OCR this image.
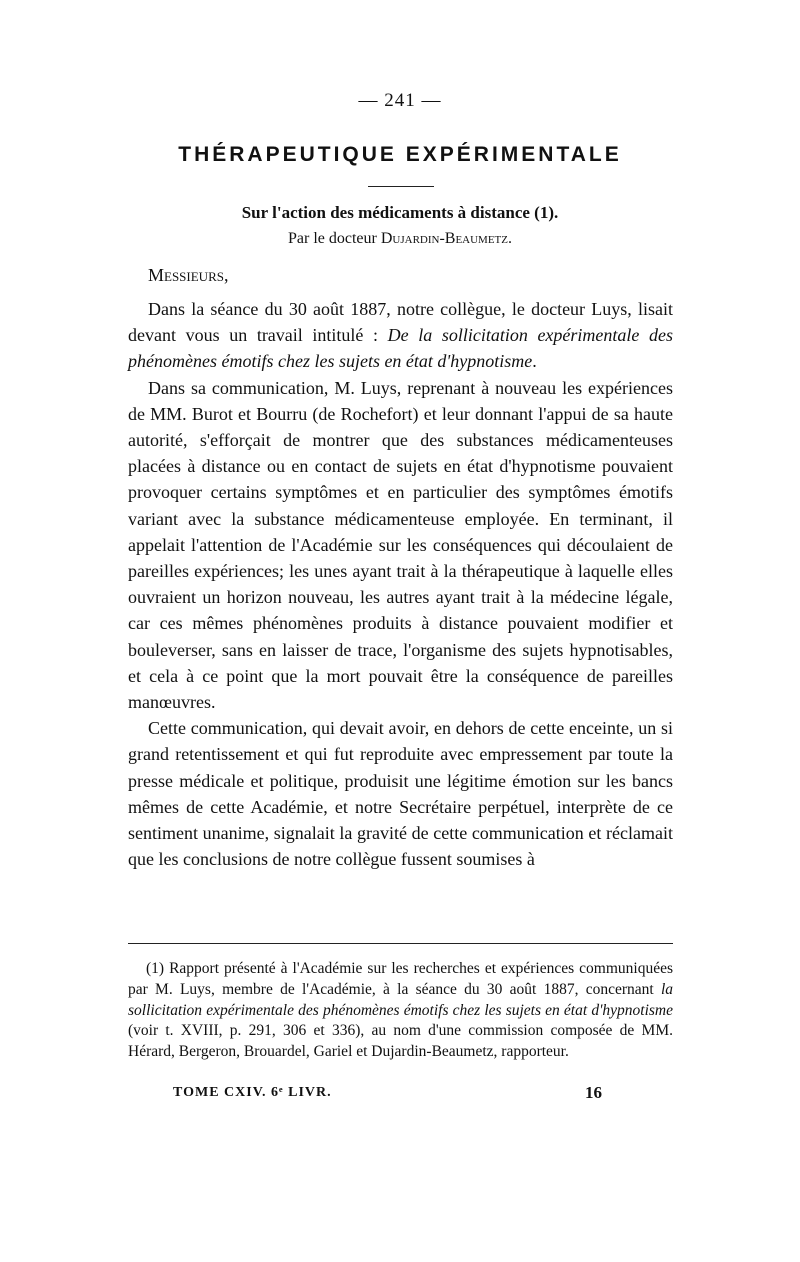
— 241 —
THÉRAPEUTIQUE EXPÉRIMENTALE
Sur l'action des médicaments à distance (1).
Par le docteur Dujardin-Beaumetz.
Messieurs,

Dans la séance du 30 août 1887, notre collègue, le docteur Luys, lisait devant vous un travail intitulé : De la sollicitation expérimentale des phénomènes émotifs chez les sujets en état d'hypnotisme.

Dans sa communication, M. Luys, reprenant à nouveau les expériences de MM. Burot et Bourru (de Rochefort) et leur donnant l'appui de sa haute autorité, s'efforçait de montrer que des substances médicamenteuses placées à distance ou en contact de sujets en état d'hypnotisme pouvaient provoquer certains symptômes et en particulier des symptômes émotifs variant avec la substance médicamenteuse employée. En terminant, il appelait l'attention de l'Académie sur les conséquences qui découlaient de pareilles expériences; les unes ayant trait à la thérapeutique à laquelle elles ouvraient un horizon nouveau, les autres ayant trait à la médecine légale, car ces mêmes phénomènes produits à distance pouvaient modifier et bouleverser, sans en laisser de trace, l'organisme des sujets hypnotisables, et cela à ce point que la mort pouvait être la conséquence de pareilles manœuvres.

Cette communication, qui devait avoir, en dehors de cette enceinte, un si grand retentissement et qui fut reproduite avec empressement par toute la presse médicale et politique, produisit une légitime émotion sur les bancs mêmes de cette Académie, et notre Secrétaire perpétuel, interprète de ce sentiment unanime, signalait la gravité de cette communication et réclamait que les conclusions de notre collègue fussent soumises à

(1) Rapport présenté à l'Académie sur les recherches et expériences communiquées par M. Luys, membre de l'Académie, à la séance du 30 août 1887, concernant la sollicitation expérimentale des phénomènes émotifs chez les sujets en état d'hypnotisme (voir t. XVIII, p. 291, 306 et 336), au nom d'une commission composée de MM. Hérard, Bergeron, Brouardel, Gariel et Dujardin-Beaumetz, rapporteur.

TOME CXIV. 6ᵉ LIVR.	16
